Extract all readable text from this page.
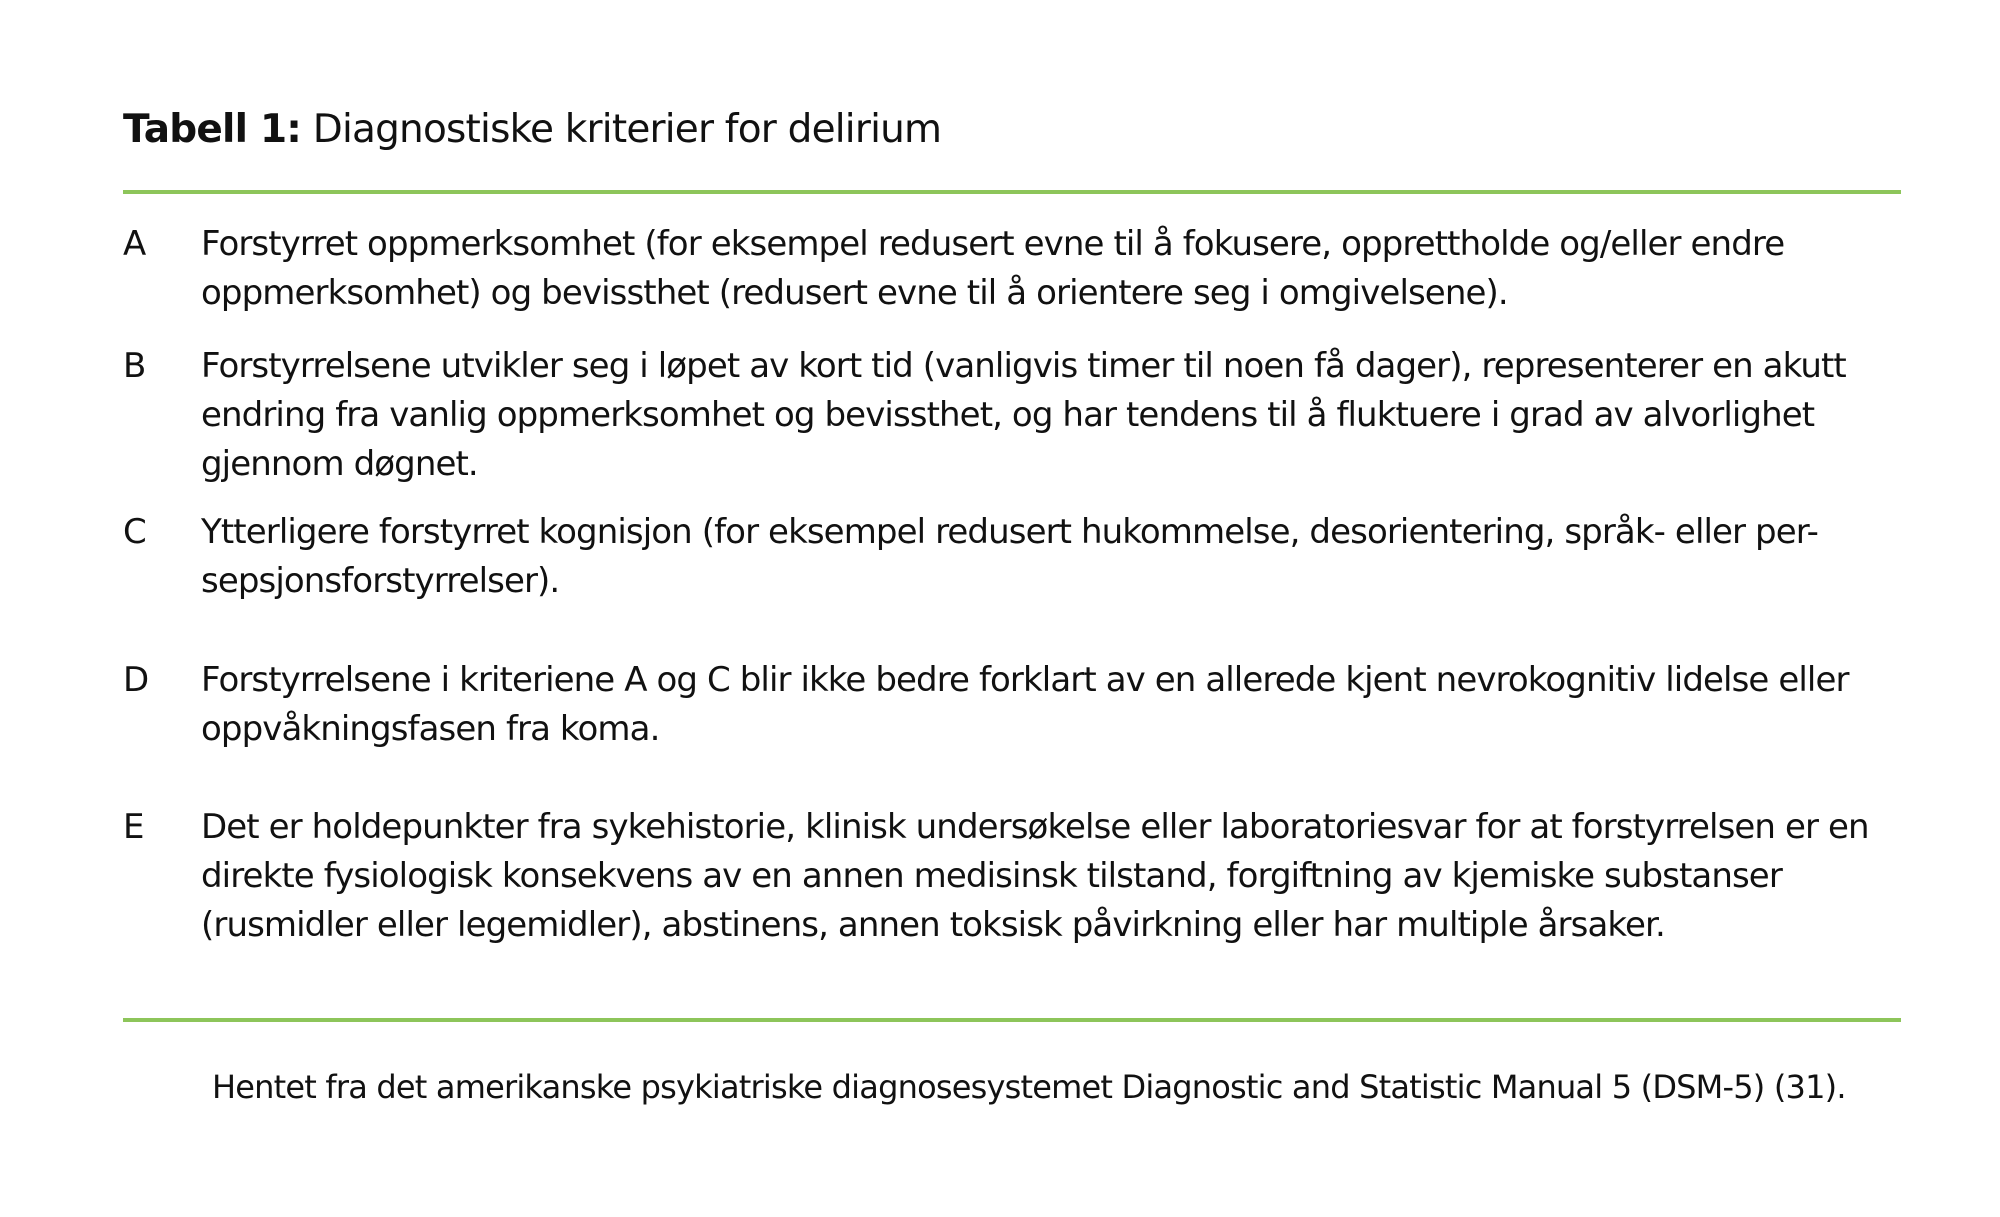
Tabell 1: Diagnostiske kriterier for delirium
A	Forstyrret oppmerksomhet (for eksempel redusert evne til å fokusere, opprettholde og/eller endre oppmerksomhet) og bevissthet (redusert evne til å orientere seg i omgivelsene).
B	Forstyrrelsene utvikler seg i løpet av kort tid (vanligvis timer til noen få dager), representerer en akutt endring fra vanlig oppmerksomhet og bevissthet, og har tendens til å fluktuere i grad av alvorlighet gjennom døgnet.
C	Ytterligere forstyrret kognisjon (for eksempel redusert hukommelse, desorientering, språk- eller per-sepsjonsforstyrrelser).
D	Forstyrrelsene i kriteriene A og C blir ikke bedre forklart av en allerede kjent nevrokognitiv lidelse eller oppvåkningsfasen fra koma.
E	Det er holdepunkter fra sykehistorie, klinisk undersøkelse eller laboratoriesvar for at forstyrrelsen er en direkte fysiologisk konsekvens av en annen medisinsk tilstand, forgiftning av kjemiske substanser (rusmidler eller legemidler), abstinens, annen toksisk påvirkning eller har multiple årsaker.
Hentet fra det amerikanske psykiatriske diagnosesystemet Diagnostic and Statistic Manual 5 (DSM-5) (31).
